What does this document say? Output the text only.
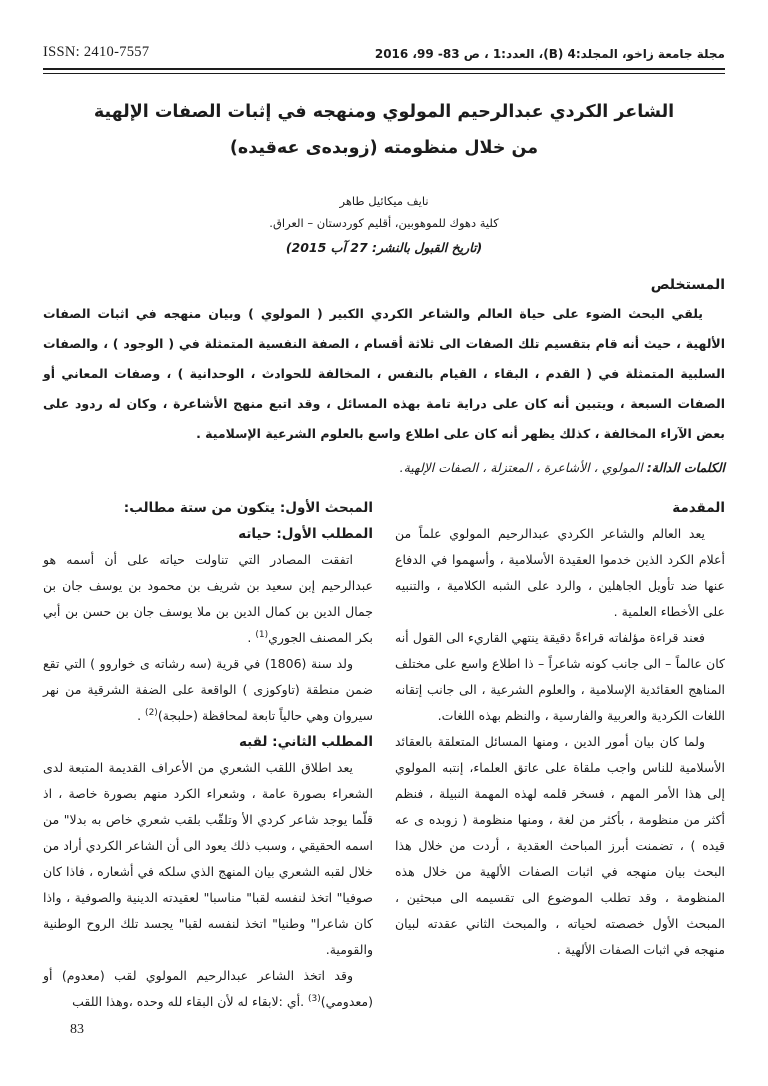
ISSN: 2410-7557	مجلة جامعة زاخو، المجلد:4 (B)، العدد:1 ، ص 83- 99، 2016
الشاعر الكردي عبدالرحيم المولوي ومنهجه في إثبات الصفات الإلهية
من خلال منظومته (زوبده‌ى عه‌قيده)
نايف ميكائيل طاهر
كلية دهوك للموهوبين، أقليم كوردستان – العراق.
(تاريخ القبول بالنشر: 27 آب 2015)
المستخلص

يلقي البحث الضوء على حياة العالم والشاعر الكردي الكبير ( المولوي ) وبيان منهجه في اثبات الصفات الألهية ، حيث أنه قام بتقسيم تلك الصفات الى ثلاثة أقسام ، الصفة النفسية المتمثلة في ( الوجود ) ، والصفات السلبية المتمثلة في ( القدم ، البقاء ، القيام بالنفس ، المخالفة للحوادث ، الوحدانية ) ، وصفات المعاني أو الصفات السبعة ، ويتبين أنه كان على دراية تامة بهذه المسائل ، وقد اتبع منهج الأشاعرة ، وكان له ردود على بعض الآراء المخالفة ، كذلك يظهر أنه كان على اطلاع واسع بالعلوم الشرعية الإسلامية .

الكلمات الدالة: المولوي ، الأشاعرة ، المعتزلة ، الصفات الإلهية.

المقدمة

يعد العالم والشاعر الكردي عبدالرحيم المولوي علماً من أعلام الكرد الذين خدموا العقيدة الأسلامية ، وأسهموا في الدفاع عنها ضد تأويل الجاهلين ، والرد على الشبه الكلامية ، والتنبيه على الأخطاء العلمية .

فعند قراءة مؤلفاته قراءةً دقيقة ينتهي القاريء الى القول أنه كان عالماً – الى جانب كونه شاعراً – ذا اطلاع واسع على مختلف المناهج العقائدية الإسلامية ، والعلوم الشرعية ، الى جانب إتقانه اللغات الكردية والعربية والفارسية ، والنظم بهذه اللغات.

ولما كان بيان أمور الدين ، ومنها المسائل المتعلقة بالعقائد الأسلامية للناس واجب ملقاة على عاتق العلماء، إنتبه المولوي إلى هذا الأمر المهم ، فسخر قلمه لهذه المهمة النبيلة ، فنظم أكثر من منظومة ، بأكثر من لغة ، ومنها منظومة ( زوبده ى عه قيده ) ، تضمنت أبرز المباحث العقدية ، أردت من خلال هذا البحث بيان منهجه في اثبات الصفات الألهية من خلال هذه المنظومة ، وقد تطلب الموضوع الى تقسيمه الى مبحثين ، المبحث الأول خصصته لحياته ، والمبحث الثاني عقدته لبيان منهجه في اثبات الصفات الألهية .

المبحث الأول: يتكون من ستة مطالب:
المطلب الأول: حياته

اتفقت المصادر التي تناولت حياته على أن أسمه هو عبدالرحيم إبن سعيد بن شريف بن محمود بن يوسف جان بن جمال الدين بن كمال الدين بن ملا يوسف جان بن حسن بن أبي بكر المصنف الجوري$^{(1)}$ .

ولد سنة (1806) في قرية (سه رشاته ى خواروو ) التي تقع ضمن منطقة (تاوكوزى ) الواقعة على الضفة الشرقية من نهر سيروان وهي حالياً تابعة لمحافظة (حلبجة)$^{(2)}$ .

المطلب الثاني: لقبه

يعد اطلاق اللقب الشعري من الأعراف القديمة المتبعة لدى الشعراء بصورة عامة ، وشعراء الكرد منهم بصورة خاصة ، اذ قلّما يوجد شاعر كردي الأ وتلقّب بلقب شعري خاص به بدلا" من اسمه الحقيقي ، وسبب ذلك يعود الى أن الشاعر الكردي أراد من خلال لقبه الشعري بيان المنهج الذي سلكه في أشعاره ، فاذا كان صوفيا" اتخذ لنفسه لقبا" مناسبا" لعقيدته الدينية والصوفية ، واذا كان شاعرا" وطنيا" اتخذ لنفسه لقبا" يجسد تلك الروح الوطنية والقومية.

وقد اتخذ الشاعر عبدالرحيم المولوي لقب (معدوم) أو (معدومي)$^{(3)}$ .أي :لابقاء له لأن البقاء لله وحده ،وهذا اللقب

83
